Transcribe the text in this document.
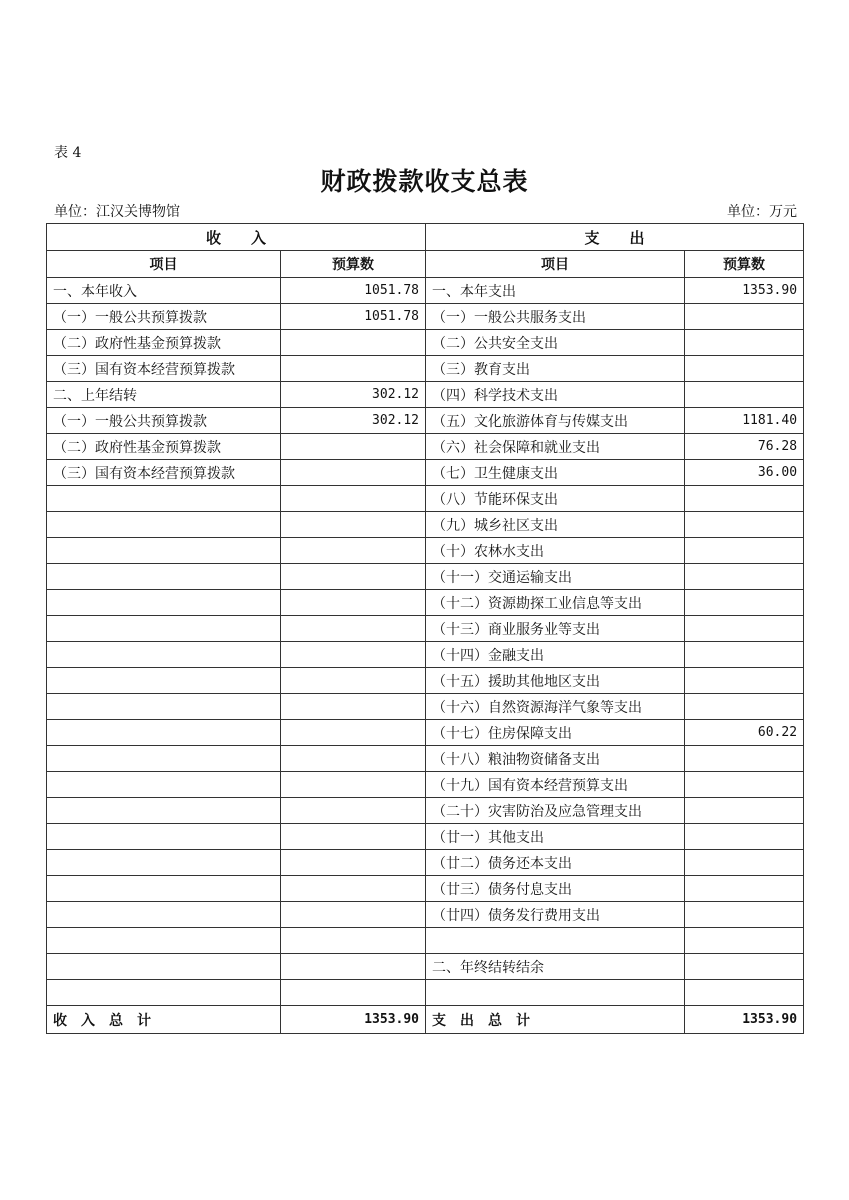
表 4
财政拨款收支总表
单位：江汉关博物馆	单位：万元
收　　入		支　　出	
项目	预算数	项目	预算数
一、本年收入	1051.78	一、本年支出	1353.90
（一）一般公共预算拨款	1051.78	（一）一般公共服务支出	
（二）政府性基金预算拨款		（二）公共安全支出	
（三）国有资本经营预算拨款		（三）教育支出	
二、上年结转	302.12	（四）科学技术支出	
（一）一般公共预算拨款	302.12	（五）文化旅游体育与传媒支出	1181.40
（二）政府性基金预算拨款		（六）社会保障和就业支出	76.28
（三）国有资本经营预算拨款		（七）卫生健康支出	36.00
		（八）节能环保支出	
		（九）城乡社区支出	
		（十）农林水支出	
		（十一）交通运输支出	
		（十二）资源勘探工业信息等支出	
		（十三）商业服务业等支出	
		（十四）金融支出	
		（十五）援助其他地区支出	
		（十六）自然资源海洋气象等支出	
		（十七）住房保障支出	60.22
		（十八）粮油物资储备支出	
		（十九）国有资本经营预算支出	
		（二十）灾害防治及应急管理支出	
		（廿一）其他支出	
		（廿二）债务还本支出	
		（廿三）债务付息支出	
		（廿四）债务发行费用支出	

		二、年终结转结余	

收　入　总　计	1353.90	支　出　总　计	1353.90
